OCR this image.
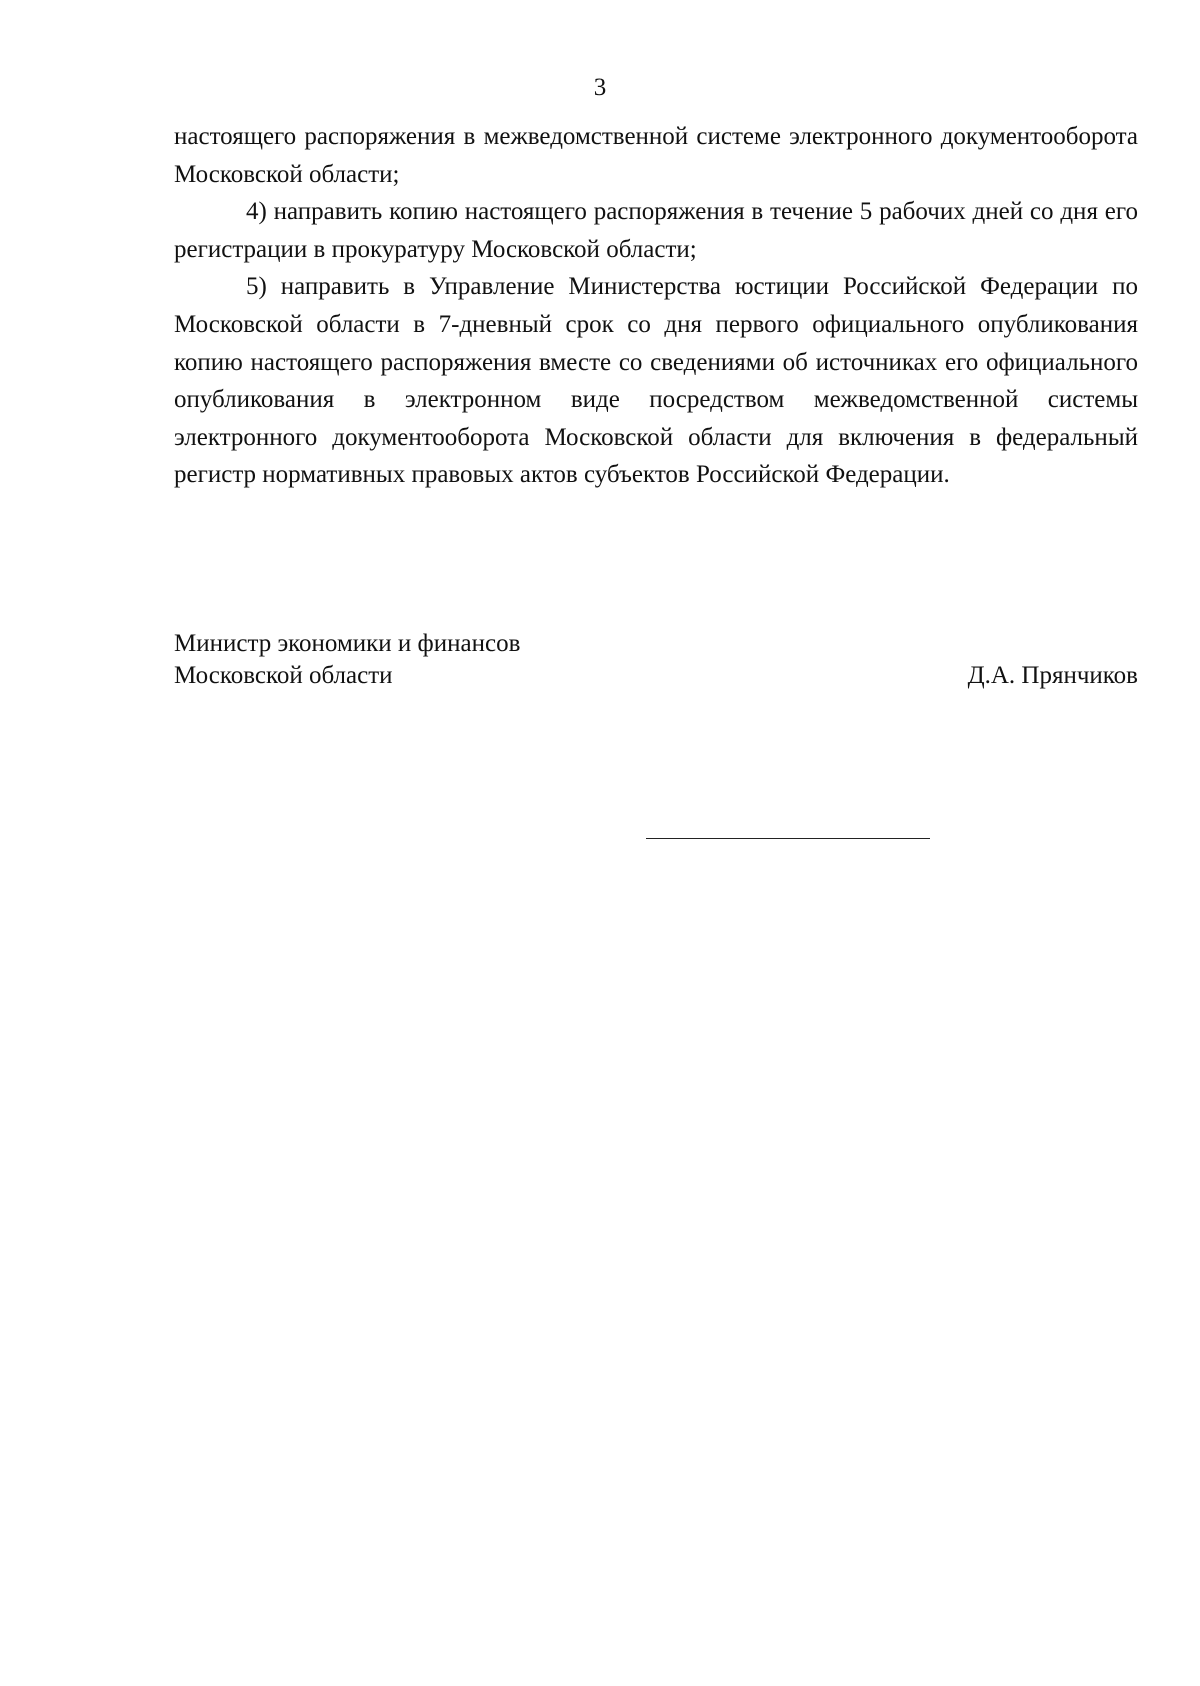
3

настоящего распоряжения в межведомственной системе электронного документооборота Московской области;

4) направить копию настоящего распоряжения в течение 5 рабочих дней со дня его регистрации в прокуратуру Московской области;

5) направить в Управление Министерства юстиции Российской Федерации по Московской области в 7-дневный срок со дня первого официального опубликования копию настоящего распоряжения вместе со сведениями об источниках его официального опубликования в электронном виде посредством межведомственной системы электронного документооборота Московской области для включения в федеральный регистр нормативных правовых актов субъектов Российской Федерации.

Министр экономики и финансов
Московской области	Д.А. Прянчиков
